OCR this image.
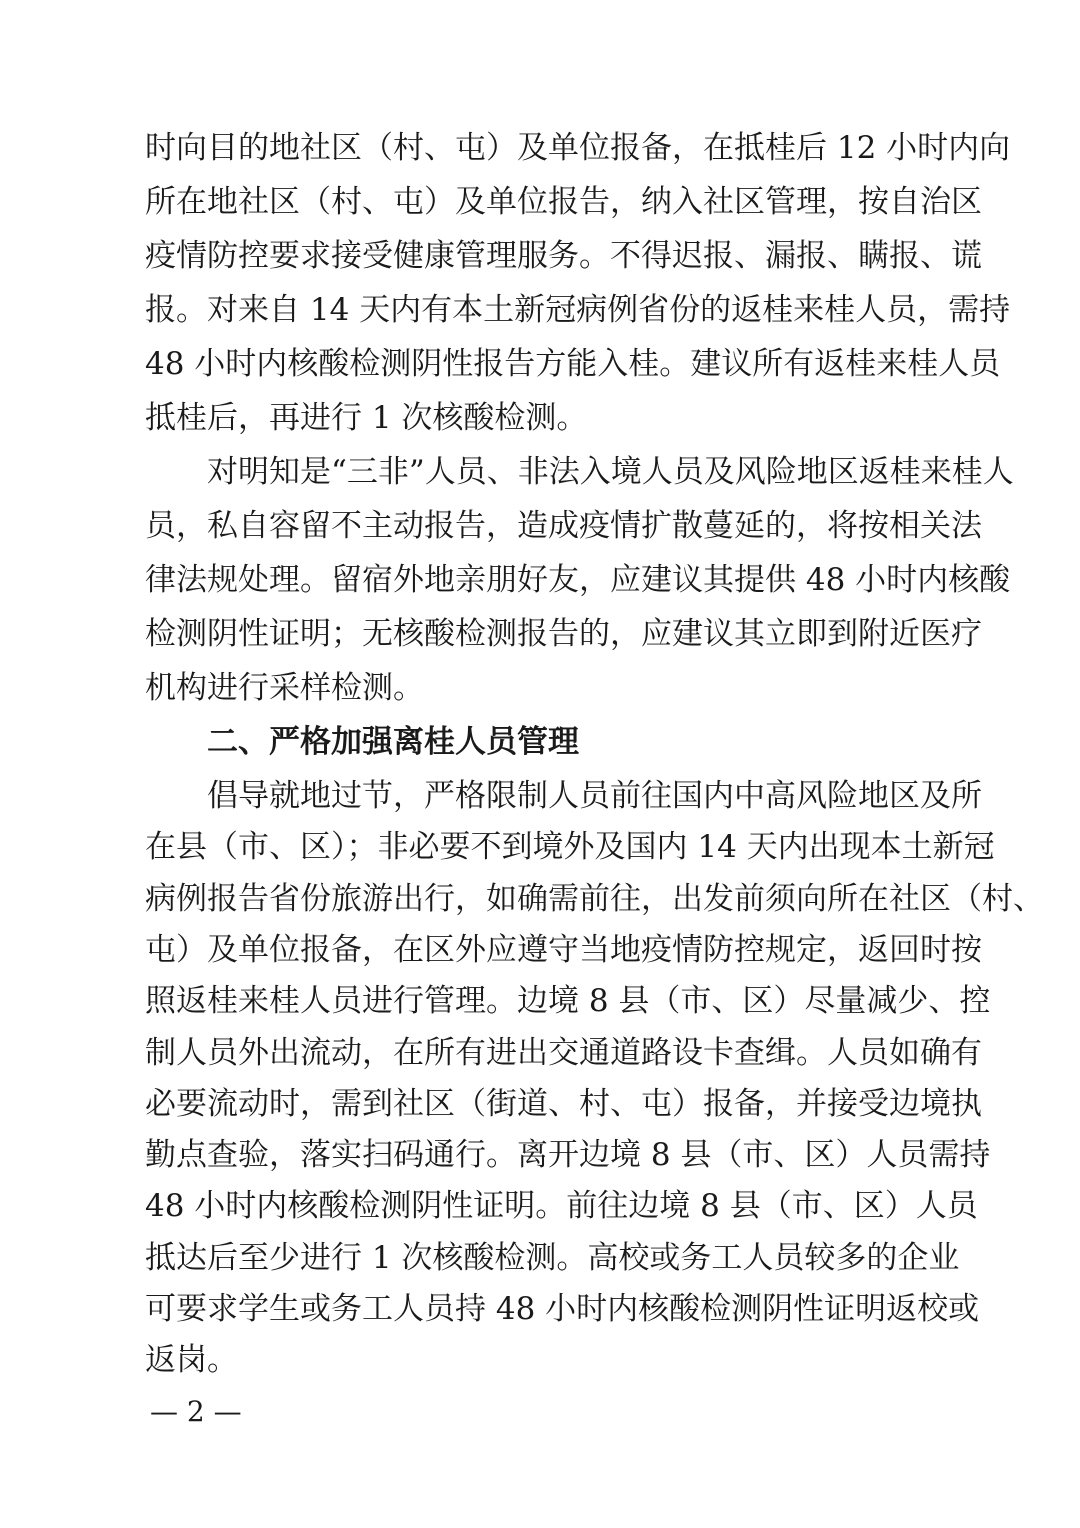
时向目的地社区（村、屯）及单位报备，在抵桂后 12 小时内向
所在地社区（村、屯）及单位报告，纳入社区管理，按自治区
疫情防控要求接受健康管理服务。不得迟报、漏报、瞒报、谎
报。对来自 14 天内有本土新冠病例省份的返桂来桂人员，需持
48 小时内核酸检测阴性报告方能入桂。建议所有返桂来桂人员
抵桂后，再进行 1 次核酸检测。
对明知是“三非”人员、非法入境人员及风险地区返桂来桂人
员，私自容留不主动报告，造成疫情扩散蔓延的，将按相关法
律法规处理。留宿外地亲朋好友，应建议其提供 48 小时内核酸
检测阴性证明；无核酸检测报告的，应建议其立即到附近医疗
机构进行采样检测。
二、严格加强离桂人员管理
倡导就地过节，严格限制人员前往国内中高风险地区及所
在县（市、区）；非必要不到境外及国内 14 天内出现本土新冠
病例报告省份旅游出行，如确需前往，出发前须向所在社区（村、
屯）及单位报备，在区外应遵守当地疫情防控规定，返回时按
照返桂来桂人员进行管理。边境 8 县（市、区）尽量减少、控
制人员外出流动，在所有进出交通道路设卡查缉。人员如确有
必要流动时，需到社区（街道、村、屯）报备，并接受边境执
勤点查验，落实扫码通行。离开边境 8 县（市、区）人员需持
48 小时内核酸检测阴性证明。前往边境 8 县（市、区）人员
抵达后至少进行 1 次核酸检测。高校或务工人员较多的企业
可要求学生或务工人员持 48 小时内核酸检测阴性证明返校或
返岗。
— 2 —
